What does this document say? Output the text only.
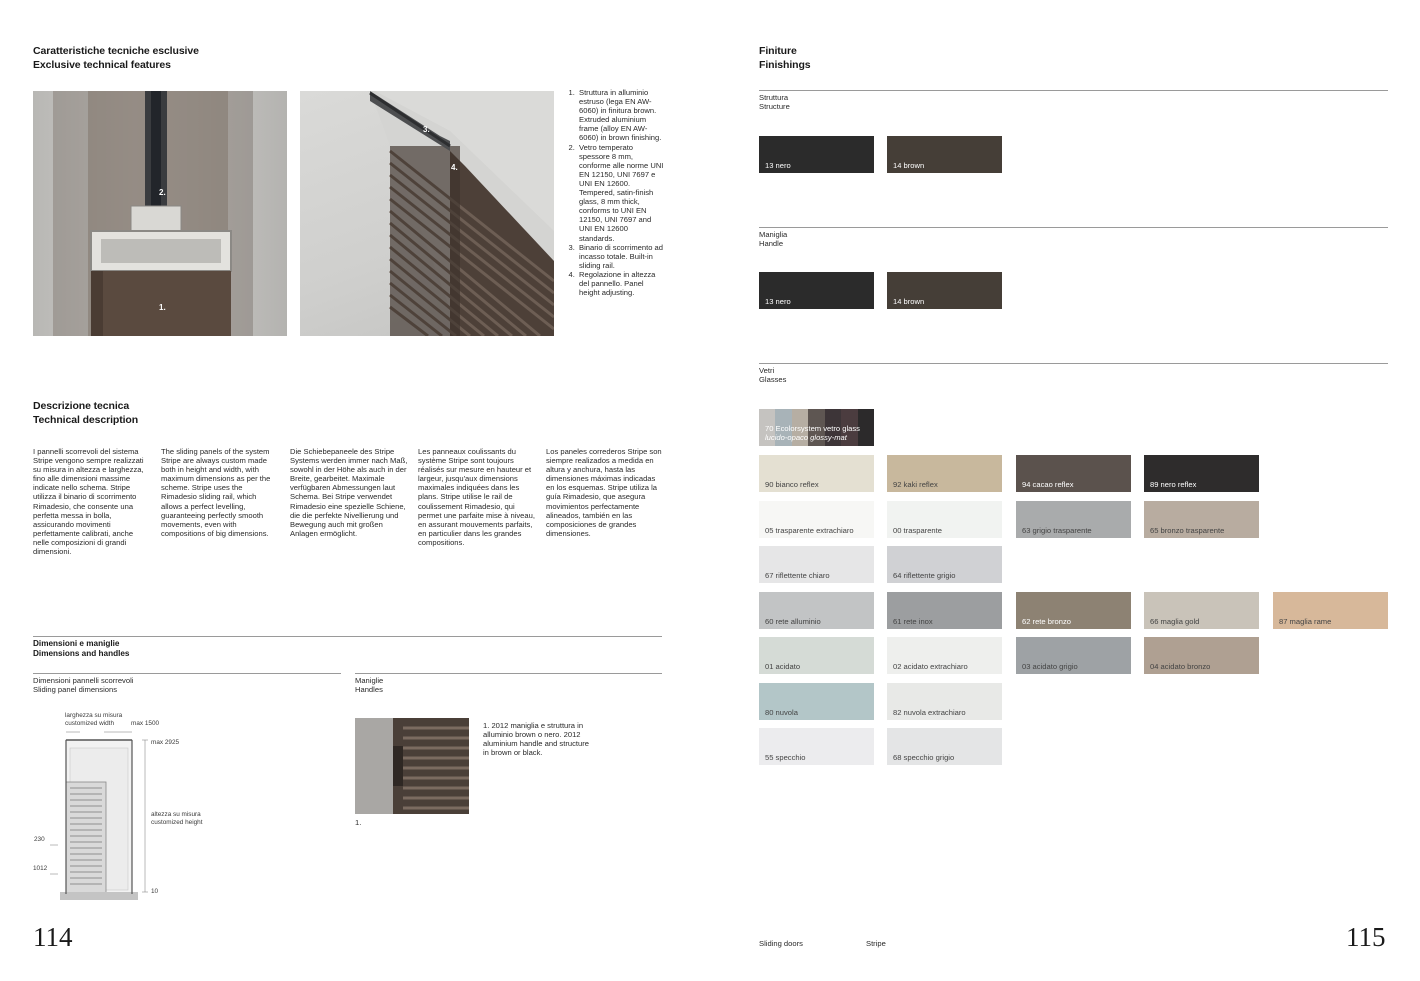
Caratteristiche tecniche esclusive
Exclusive technical features
2.
1.
3.
4.
1. Struttura in alluminio estruso (lega EN AW-6060) in finitura brown. Extruded aluminium frame (alloy EN AW-6060) in brown finishing.
2. Vetro temperato spessore 8 mm, conforme alle norme UNI EN 12150, UNI 7697 e UNI EN 12600. Tempered, satin-finish glass, 8 mm thick, conforms to UNI EN 12150, UNI 7697 and UNI EN 12600 standards.
3. Binario di scorrimento ad incasso totale. Built-in sliding rail.
4. Regolazione in altezza del pannello. Panel height adjusting.
Descrizione tecnica
Technical description
I pannelli scorrevoli del sistema Stripe vengono sempre realizzati su misura in altezza e larghezza, fino alle dimensioni massime indicate nello schema. Stripe utilizza il binario di scorrimento Rimadesio, che consente una perfetta messa in bolla, assicurando movimenti perfettamente calibrati, anche nelle composizioni di grandi dimensioni.
The sliding panels of the system Stripe are always custom made both in height and width, with maximum dimensions as per the scheme. Stripe uses the Rimadesio sliding rail, which allows a perfect levelling, guaranteeing perfectly smooth movements, even with compositions of big dimensions.
Die Schiebepaneele des Stripe Systems werden immer nach Maß, sowohl in der Höhe als auch in der Breite, gearbeitet. Maximale verfügbaren Abmessungen laut Schema. Bei Stripe verwendet Rimadesio eine spezielle Schiene, die die perfekte Nivellierung und Bewegung auch mit großen Anlagen ermöglicht.
Les panneaux coulissants du système Stripe sont toujours réalisés sur mesure en hauteur et largeur, jusqu'aux dimensions maximales indiquées dans les plans. Stripe utilise le rail de coulissement Rimadesio, qui permet une parfaite mise à niveau, en assurant mouvements parfaits, en particulier dans les grandes compositions.
Los paneles correderos Stripe son siempre realizados a medida en altura y anchura, hasta las dimensiones máximas indicadas en los esquemas. Stripe utiliza la guía Rimadesio, que asegura movimientos perfectamente alineados, también en las composiciones de grandes dimensiones.
Dimensioni e maniglie
Dimensions and handles
Dimensioni pannelli scorrevoli
Sliding panel dimensions
Maniglie
Handles
larghezza su misura
customized width	max 1500
max 2925
altezza su misura
customized height
230
1012
10
1.
1. 2012 maniglia e struttura in alluminio brown o nero. 2012 aluminium handle and structure in brown or black.
114
Finiture
Finishings
Struttura
Structure
Maniglia
Handle
Vetri
Glasses
70 Ecolorsystem vetro glass
lucido-opaco glossy-mat
Sliding doors	Stripe	115
13 nero	14 brown
13 nero	14 brown
90 bianco reflex	92 kaki reflex	94 cacao reflex	89 nero reflex
05 trasparente extrachiaro	00 trasparente	63 grigio trasparente	65 bronzo trasparente
67 riflettente chiaro	64 riflettente grigio
60 rete alluminio	61 rete inox	62 rete bronzo	66 maglia gold	87 maglia rame
01 acidato	02 acidato extrachiaro	03 acidato grigio	04 acidato bronzo
80 nuvola	82 nuvola extrachiaro
55 specchio	68 specchio grigio
